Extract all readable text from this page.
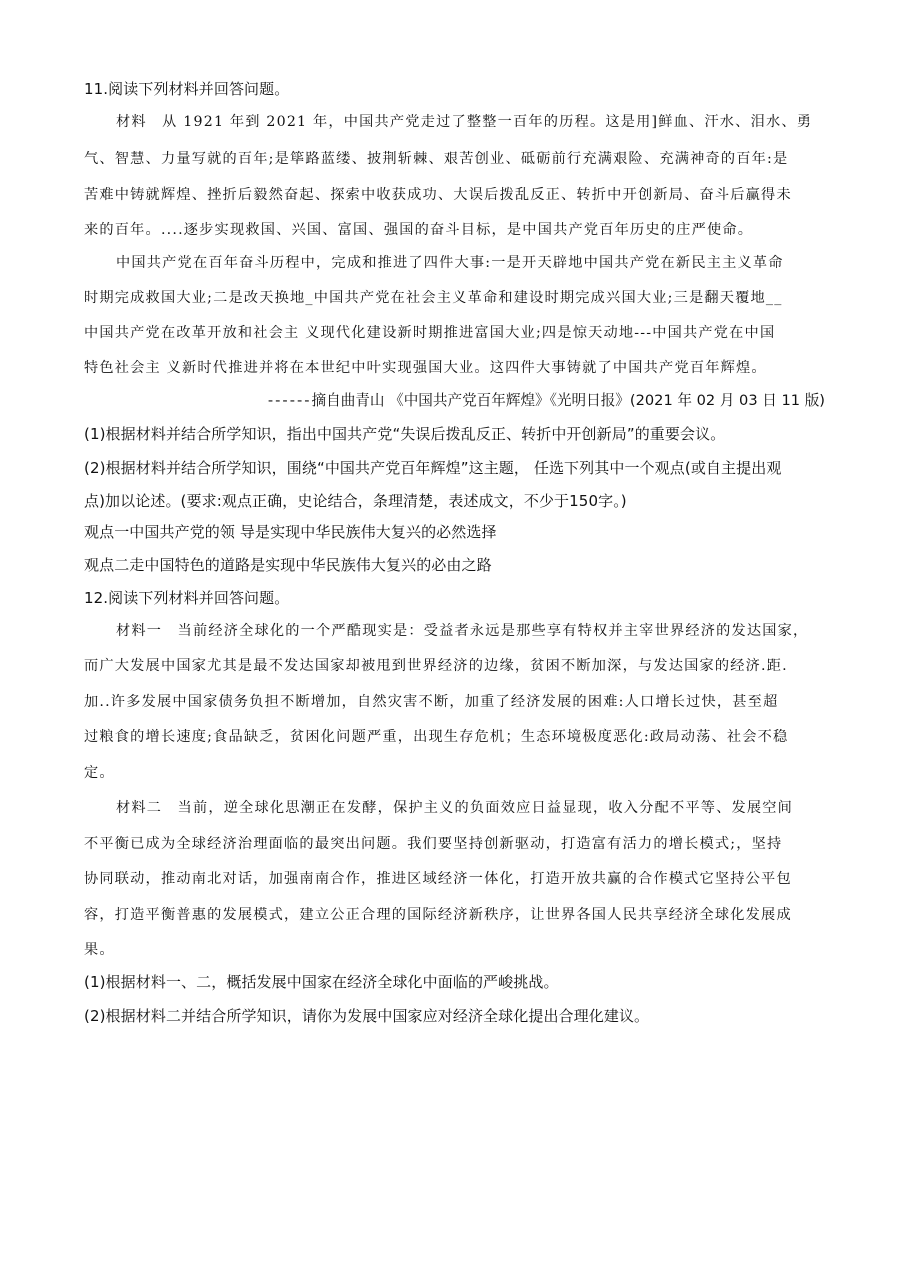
11.阅读下列材料并回答问题。
材料　从 1921 年到 2021 年，中国共产党走过了整整一百年的历程。这是用]鲜血、汗水、泪水、勇
气、智慧、力量写就的百年;是筚路蓝缕、披荆斩棘、艰苦创业、砥砺前行充满艰险、充满神奇的百年:是
苦难中铸就辉煌、挫折后毅然奋起、探索中收获成功、大误后拨乱反正、转折中开创新局、奋斗后赢得未
来的百年。....逐步实现救国、兴国、富国、强国的奋斗目标，是中国共产党百年历史的庄严使命。
中国共产党在百年奋斗历程中，完成和推进了四件大事:一是开天辟地中国共产党在新民主主义革命
时期完成救国大业;二是改天换地_中国共产党在社会主义革命和建设时期完成兴国大业;三是翻天覆地__
中国共产党在改革开放和社会主 义现代化建设新时期推进富国大业;四是惊天动地---中国共产党在中国
特色社会主 义新时代推进并将在本世纪中叶实现强国大业。这四件大事铸就了中国共产党百年辉煌。
------摘自曲青山 《中国共产党百年辉煌》《光明日报》(2021 年 02 月 03 日 11 版)
(1)根据材料并结合所学知识，指出中国共产党“失误后拨乱反正、转折中开创新局”的重要会议。
(2)根据材料并结合所学知识，围绕“中国共产党百年辉煌”这主题， 任选下列其中一个观点(或自主提出观
点)加以论述。(要求:观点正确，史论结合，条理清楚，表述成文，不少于150字。)
观点一中国共产党的领 导是实现中华民族伟大复兴的必然选择
观点二走中国特色的道路是实现中华民族伟大复兴的必由之路
12.阅读下列材料并回答问题。
材料一　当前经济全球化的一个严酷现实是：受益者永远是那些享有特权并主宰世界经济的发达国家，
而广大发展中国家尤其是最不发达国家却被甩到世界经济的边缘，贫困不断加深，与发达国家的经济.距.
加..许多发展中国家债务负担不断增加，自然灾害不断，加重了经济发展的困难:人口增长过快，甚至超
过粮食的增长速度;食品缺乏，贫困化问题严重，出现生存危机；生态环境极度恶化:政局动荡、社会不稳
定。
材料二　当前，逆全球化思潮正在发酵，保护主义的负面效应日益显现，收入分配不平等、发展空间
不平衡已成为全球经济治理面临的最突出问题。我们要坚持创新驱动，打造富有活力的增长模式;，坚持
协同联动，推动南北对话，加强南南合作，推进区域经济一体化，打造开放共赢的合作模式它坚持公平包
容，打造平衡普惠的发展模式，建立公正合理的国际经济新秩序，让世界各国人民共享经济全球化发展成
果。
(1)根据材料一、二，概括发展中国家在经济全球化中面临的严峻挑战。
(2)根据材料二并结合所学知识，请你为发展中国家应对经济全球化提出合理化建议。
